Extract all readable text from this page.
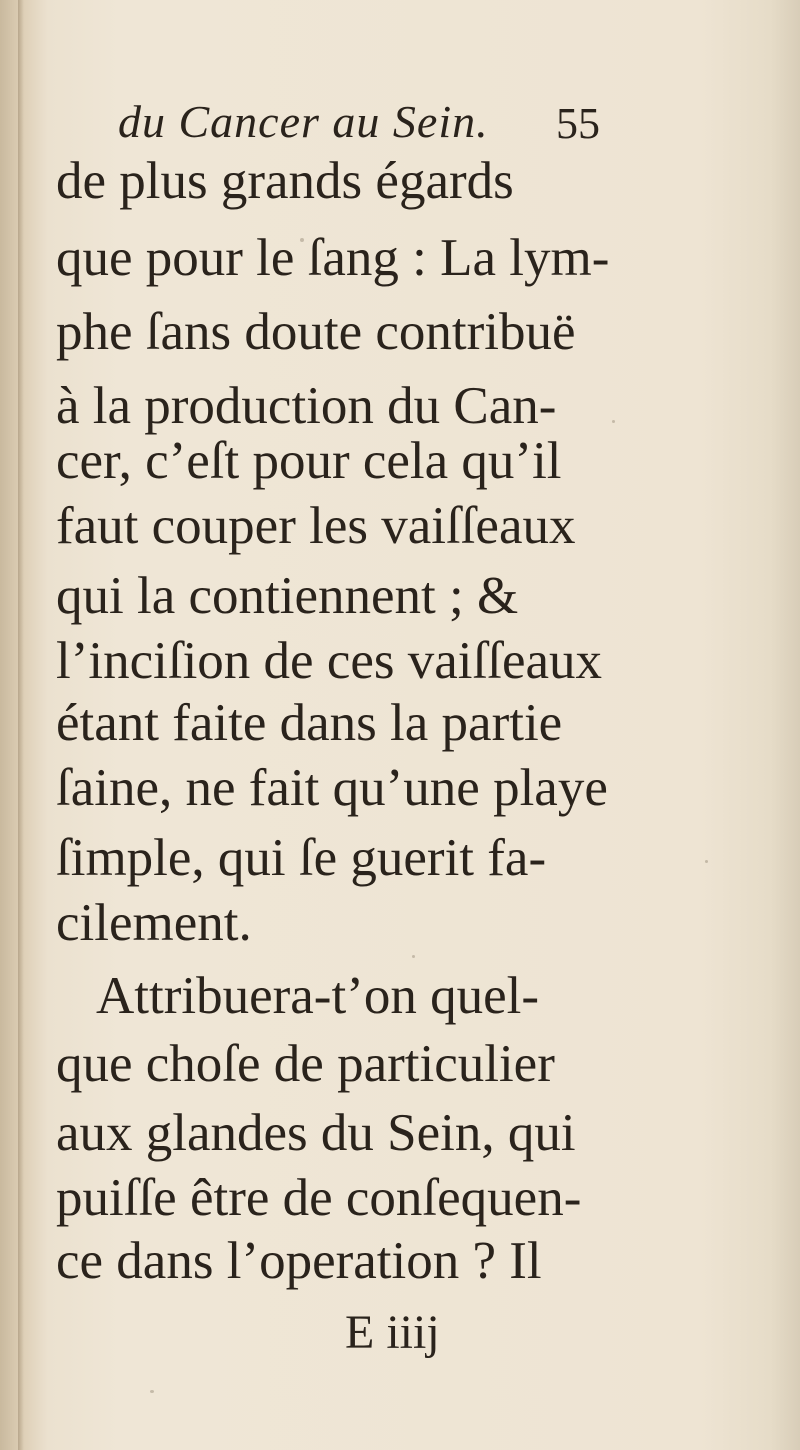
du Cancer au Sein. 55
de plus grands égards
que pour le ſang : La lym-
phe ſans doute contribuë
à la production du Can-
cer, c’eſt pour cela qu’il
faut couper les vaiſſeaux
qui la contiennent ; &
l’inciſion de ces vaiſſeaux
étant faite dans la partie
ſaine, ne fait qu’une playe
ſimple, qui ſe guerit fa-
cilement.
Attribuera-t’on quel-
que choſe de particulier
aux glandes du Sein, qui
puiſſe être de conſequen-
ce dans l’operation ? Il
E iiij
